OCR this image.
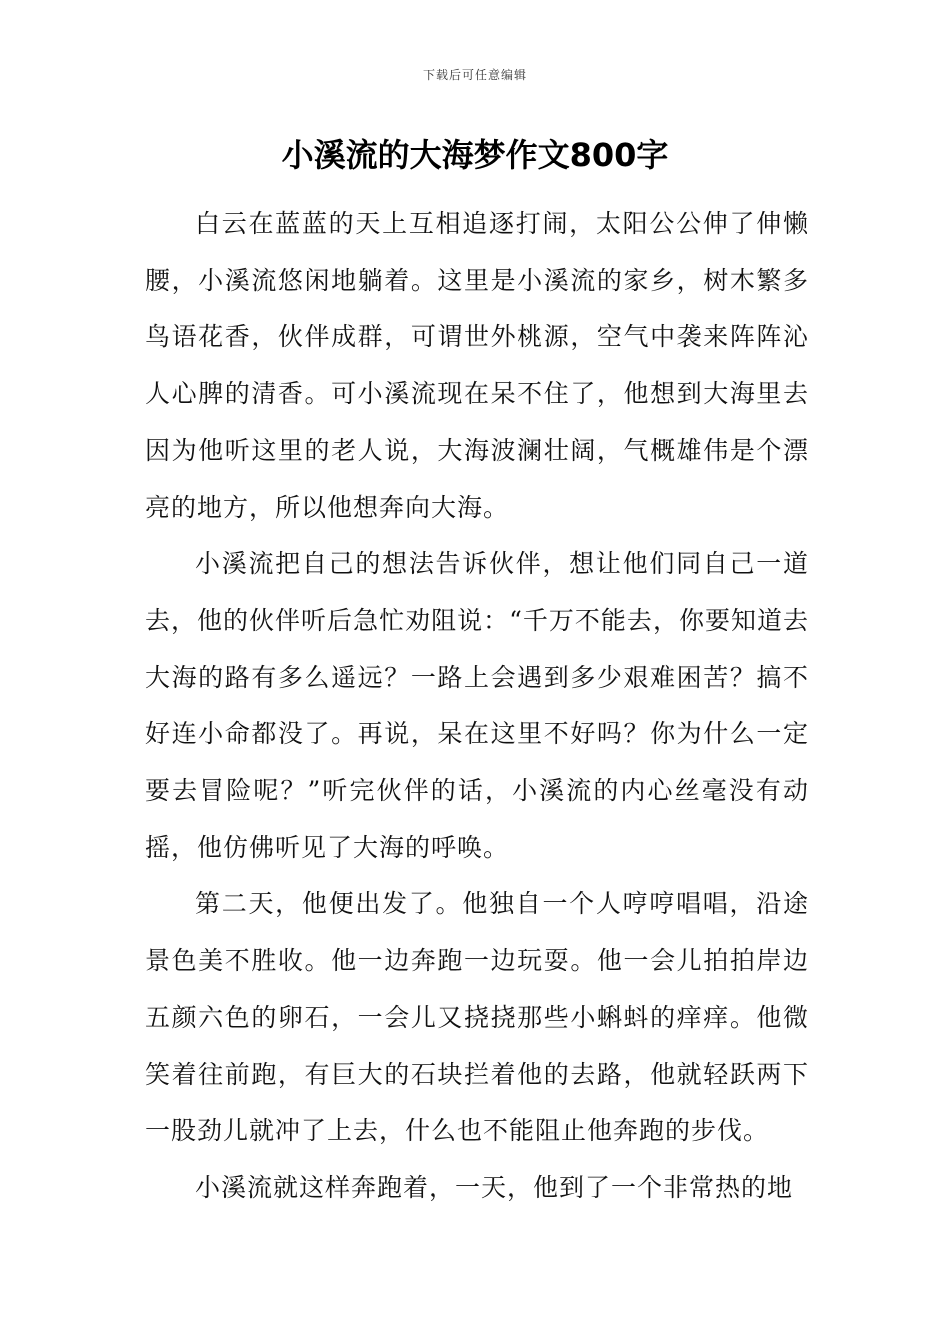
下载后可任意编辑
小溪流的大海梦作文800字

白云在蓝蓝的天上互相追逐打闹，太阳公公伸了伸懒腰，小溪流悠闲地躺着。这里是小溪流的家乡，树木繁多鸟语花香，伙伴成群，可谓世外桃源，空气中袭来阵阵沁人心脾的清香。可小溪流现在呆不住了，他想到大海里去因为他听这里的老人说，大海波澜壮阔，气概雄伟是个漂亮的地方，所以他想奔向大海。

小溪流把自己的想法告诉伙伴，想让他们同自己一道去，他的伙伴听后急忙劝阻说：“千万不能去，你要知道去大海的路有多么遥远？一路上会遇到多少艰难困苦？搞不好连小命都没了。再说，呆在这里不好吗？你为什么一定要去冒险呢？”听完伙伴的话，小溪流的内心丝毫没有动摇，他仿佛听见了大海的呼唤。

第二天，他便出发了。他独自一个人哼哼唱唱，沿途景色美不胜收。他一边奔跑一边玩耍。他一会儿拍拍岸边五颜六色的卵石，一会儿又挠挠那些小蝌蚪的痒痒。他微笑着往前跑，有巨大的石块拦着他的去路，他就轻跃两下一股劲儿就冲了上去，什么也不能阻止他奔跑的步伐。

小溪流就这样奔跑着，一天，他到了一个非常热的地
